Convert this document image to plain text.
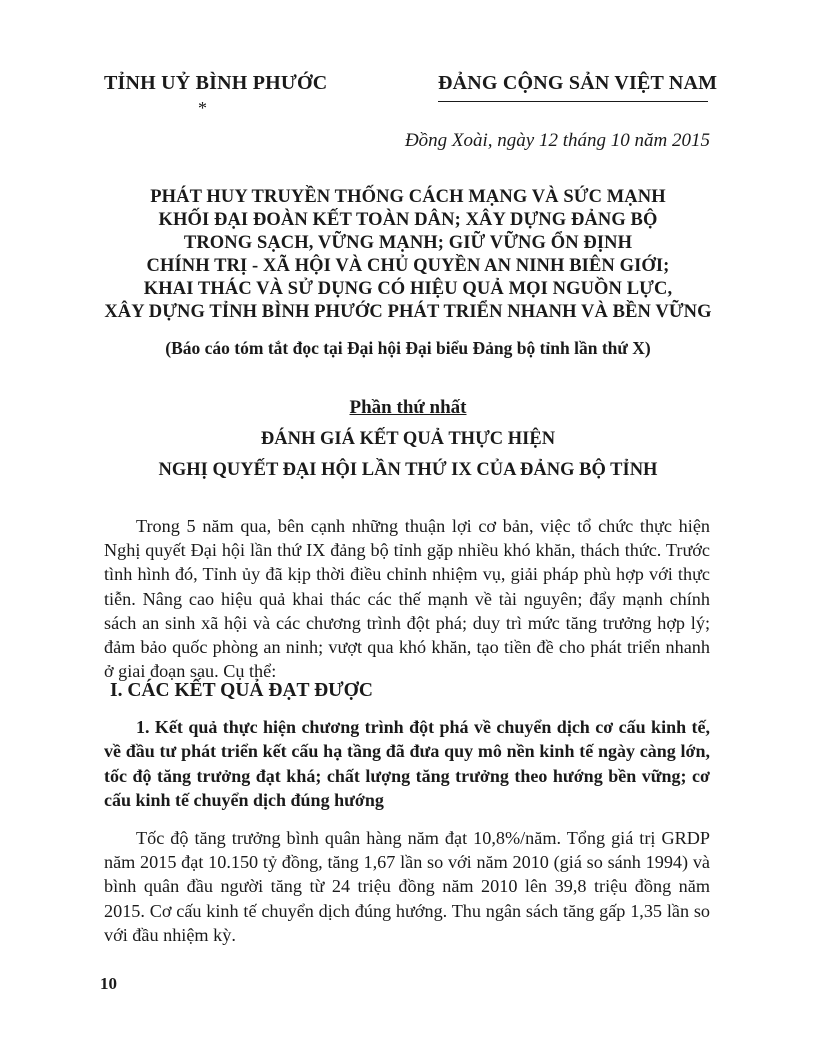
TỈNH UỶ BÌNH PHƯỚC
*
ĐẢNG CỘNG SẢN VIỆT NAM
Đồng Xoài, ngày 12 tháng 10 năm 2015
PHÁT HUY TRUYỀN THỐNG CÁCH MẠNG VÀ SỨC MẠNH
KHỐI ĐẠI ĐOÀN KẾT TOÀN DÂN; XÂY DỰNG ĐẢNG BỘ
TRONG SẠCH, VỮNG MẠNH; GIỮ VỮNG ỔN ĐỊNH
CHÍNH TRỊ - XÃ HỘI VÀ CHỦ QUYỀN AN NINH BIÊN GIỚI;
KHAI THÁC VÀ SỬ DỤNG CÓ HIỆU QUẢ MỌI NGUỒN LỰC,
XÂY DỰNG TỈNH BÌNH PHƯỚC PHÁT TRIỂN NHANH VÀ BỀN VỮNG
(Báo cáo tóm tắt đọc tại Đại hội Đại biểu Đảng bộ tỉnh lần thứ X)
Phần thứ nhất
ĐÁNH GIÁ KẾT QUẢ THỰC HIỆN
NGHỊ QUYẾT ĐẠI HỘI LẦN THỨ IX CỦA ĐẢNG BỘ TỈNH

Trong 5 năm qua, bên cạnh những thuận lợi cơ bản, việc tổ chức thực hiện Nghị quyết Đại hội lần thứ IX đảng bộ tỉnh gặp nhiều khó khăn, thách thức. Trước tình hình đó, Tỉnh ủy đã kịp thời điều chỉnh nhiệm vụ, giải pháp phù hợp với thực tiễn. Nâng cao hiệu quả khai thác các thế mạnh về tài nguyên; đẩy mạnh chính sách an sinh xã hội và các chương trình đột phá; duy trì mức tăng trưởng hợp lý; đảm bảo quốc phòng an ninh; vượt qua khó khăn, tạo tiền đề cho phát triển nhanh ở giai đoạn sau. Cụ thể:

I. CÁC KẾT QUẢ ĐẠT ĐƯỢC

1. Kết quả thực hiện chương trình đột phá về chuyển dịch cơ cấu kinh tế, về đầu tư phát triển kết cấu hạ tầng đã đưa quy mô nền kinh tế ngày càng lớn, tốc độ tăng trưởng đạt khá; chất lượng tăng trưởng theo hướng bền vững; cơ cấu kinh tế chuyển dịch đúng hướng

Tốc độ tăng trưởng bình quân hàng năm đạt 10,8%/năm. Tổng giá trị GRDP năm 2015 đạt 10.150 tỷ đồng, tăng 1,67 lần so với năm 2010 (giá so sánh 1994) và bình quân đầu người tăng từ 24 triệu đồng năm 2010 lên 39,8 triệu đồng năm 2015. Cơ cấu kinh tế chuyển dịch đúng hướng. Thu ngân sách tăng gấp 1,35 lần so với đầu nhiệm kỳ.

10
